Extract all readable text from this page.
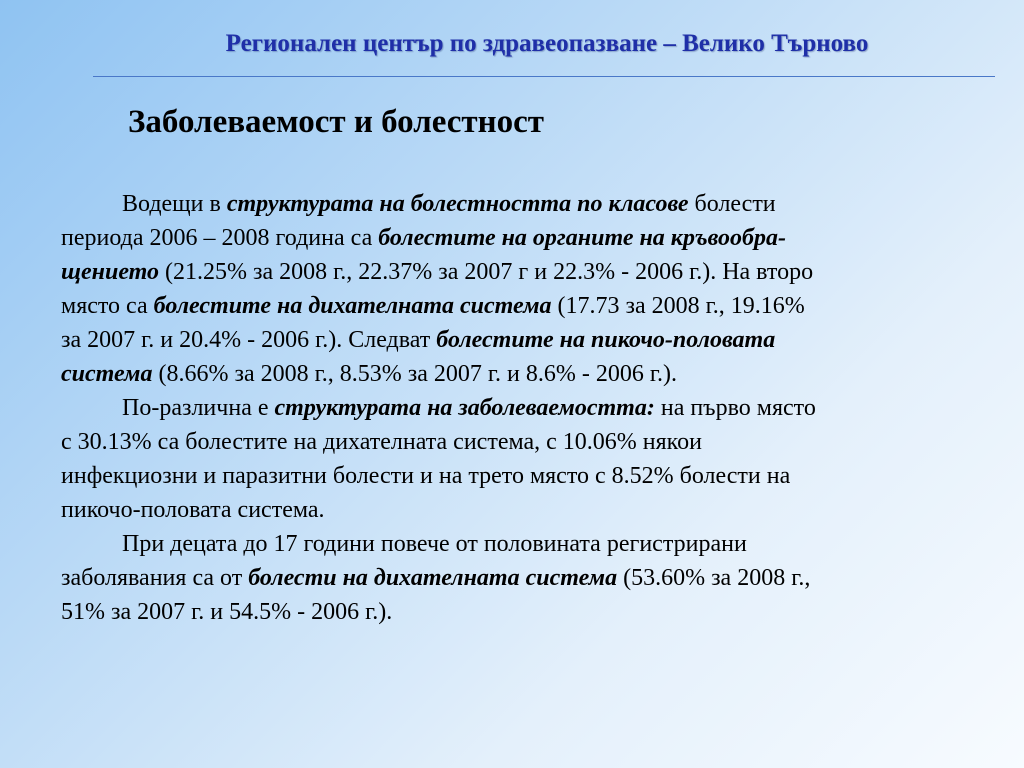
Регионален център по здравеопазване – Велико Търново
Заболеваемост и болестност
Водещи в структурата на болестността по класове болести
периода 2006 – 2008 година са болестите на органите на кръвообра-
щението (21.25% за 2008 г., 22.37% за 2007 г и 22.3% - 2006 г.). На второ
място са болестите на дихателната система (17.73 за 2008 г., 19.16%
за 2007 г. и 20.4% - 2006 г.). Следват болестите на пикочо-половата
система (8.66% за 2008 г., 8.53% за 2007 г. и 8.6% - 2006 г.).
По-различна е структурата на заболеваемостта: на първо място
с 30.13% са болестите на дихателната система, с 10.06% някои
инфекциозни и паразитни болести и на трето място с 8.52% болести на
пикочо-половата система.
При децата до 17 години повече от половината регистрирани
заболявания са от болести на дихателната система (53.60% за 2008 г.,
51% за 2007 г. и 54.5% - 2006 г.).
